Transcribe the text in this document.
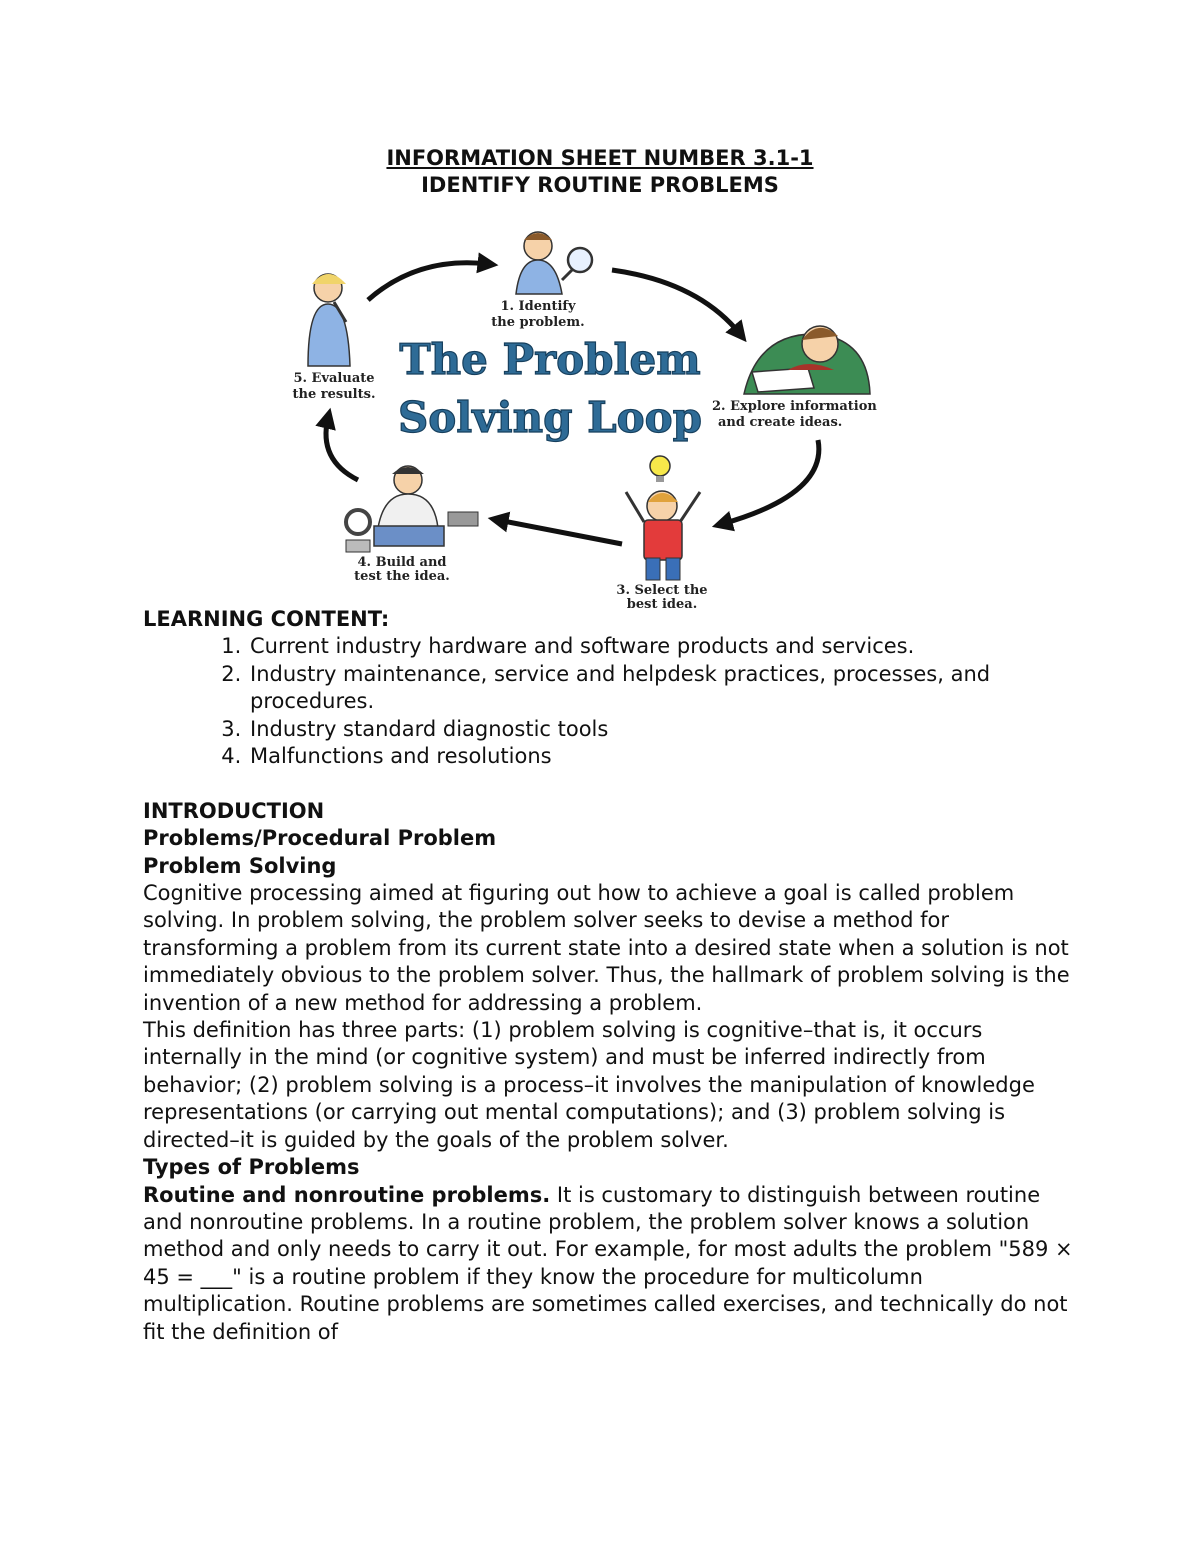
INFORMATION SHEET NUMBER 3.1-1
IDENTIFY ROUTINE PROBLEMS
The Problem
Solving Loop
1. Identify
the problem.
2. Explore information
and create ideas.
3. Select the
best idea.
4. Build and
test the idea.
5. Evaluate
the results.

LEARNING CONTENT:

1. Current industry hardware and software products and services.
2. Industry maintenance, service and helpdesk practices, processes, and procedures.
3. Industry standard diagnostic tools
4. Malfunctions and resolutions

INTRODUCTION

Problems/Procedural Problem

Problem Solving

Cognitive processing aimed at figuring out how to achieve a goal is called problem solving. In problem solving, the problem solver seeks to devise a method for transforming a problem from its current state into a desired state when a solution is not immediately obvious to the problem solver. Thus, the hallmark of problem solving is the invention of a new method for addressing a problem.

This definition has three parts: (1) problem solving is cognitive–that is, it occurs internally in the mind (or cognitive system) and must be inferred indirectly from behavior; (2) problem solving is a process–it involves the manipulation of knowledge representations (or carrying out mental computations); and (3) problem solving is directed–it is guided by the goals of the problem solver.

Types of Problems

Routine and nonroutine problems. It is customary to distinguish between routine and nonroutine problems. In a routine problem, the problem solver knows a solution method and only needs to carry it out. For example, for most adults the problem "589 × 45 = ___" is a routine problem if they know the procedure for multicolumn multiplication. Routine problems are sometimes called exercises, and technically do not fit the definition of
